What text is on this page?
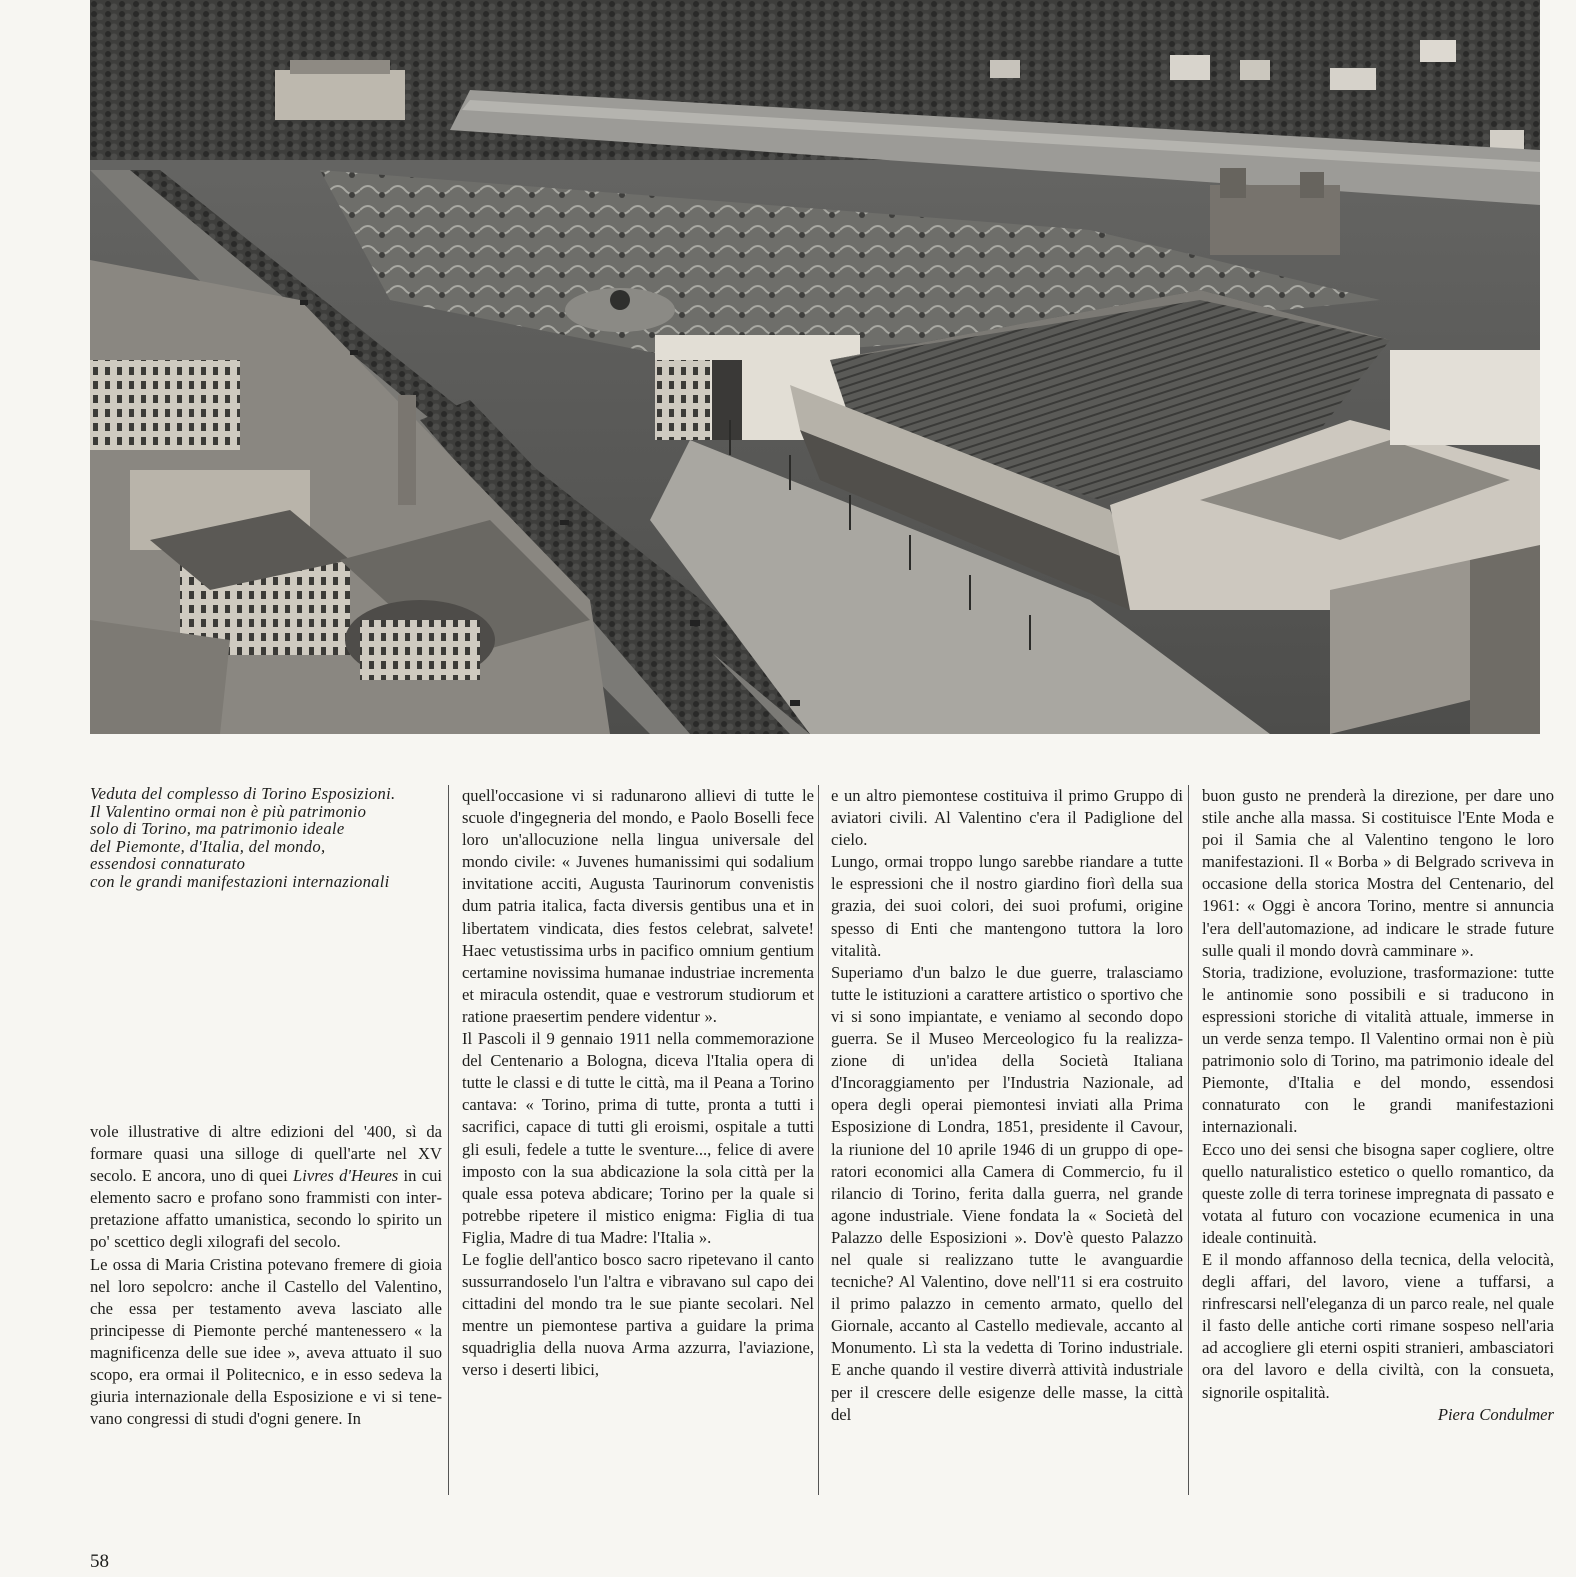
Veduta del complesso di Torino Esposizioni.
Il Valentino ormai non è più patrimonio
solo di Torino, ma patrimonio ideale
del Piemonte, d'Italia, del mondo,
essendosi connaturato
con le grandi manifestazioni internazionali

vole illustrative di altre edizioni del '400, sì da formare quasi una silloge di quell'arte nel XV secolo. E ancora, uno di quei Livres d'Heures in cui elemento sacro e profano sono frammisti con interpretazione affatto umanistica, secondo lo spirito un po' scettico degli xilografi del secolo.

Le ossa di Maria Cristina potevano fremere di gioia nel loro sepolcro: anche il Castello del Valentino, che essa per testamento aveva lasciato alle principesse di Piemonte perché mantenessero « la magnificenza delle sue idee », aveva attuato il suo scopo, era ormai il Politecnico, e in esso sedeva la giuria internazionale della Esposizione e vi si tenevano congressi di studi d'ogni genere. In

quell'occasione vi si radunarono allievi di tutte le scuole d'ingegneria del mondo, e Paolo Boselli fece loro un'allocuzione nella lingua universale del mondo civile: « Juvenes humanissimi qui sodalium invitatione acciti, Augusta Taurinorum convenistis dum patria italica, facta diversis gentibus una et in libertatem vindicata, dies festos celebrat, salvete! Haec vetustissima urbs in pacifico omnium gentium certamine novissima humanae industriae incrementa et miracula ostendit, quae e vestrorum studiorum et ratione praesertim pendere videntur ».

Il Pascoli il 9 gennaio 1911 nella commemorazione del Centenario a Bologna, diceva l'Italia opera di tutte le classi e di tutte le città, ma il Peana a Torino cantava: « Torino, prima di tutte, pronta a tutti i sacrifici, capace di tutti gli eroismi, ospitale a tutti gli esuli, fedele a tutte le sventure..., felice di avere imposto con la sua abdicazione la sola città per la quale essa poteva abdicare; Torino per la quale si potrebbe ripetere il mistico enigma: Figlia di tua Figlia, Madre di tua Madre: l'Italia ».

Le foglie dell'antico bosco sacro ripetevano il canto sussurrandoselo l'un l'altra e vibravano sul capo dei cittadini del mondo tra le sue piante secolari. Nel mentre un piemontese partiva a guidare la prima squadriglia della nuova Arma azzurra, l'aviazione, verso i deserti libici,

e un altro piemontese costituiva il primo Gruppo di aviatori civili. Al Valentino c'era il Padiglione del cielo.

Lungo, ormai troppo lungo sarebbe riandare a tutte le espressioni che il nostro giardino fiorì della sua grazia, dei suoi colori, dei suoi profumi, origine spesso di Enti che mantengono tuttora la loro vitalità.

Superiamo d'un balzo le due guerre, tralasciamo tutte le istituzioni a carattere artistico o sportivo che vi si sono impiantate, e veniamo al secondo dopo guerra. Se il Museo Merceologico fu la realizzazione di un'idea della Società Italiana d'Incoraggiamento per l'Industria Nazionale, ad opera degli operai piemontesi inviati alla Prima Esposizione di Londra, 1851, presidente il Cavour, la riunione del 10 aprile 1946 di un gruppo di operatori economici alla Camera di Commercio, fu il rilancio di Torino, ferita dalla guerra, nel grande agone industriale. Viene fondata la « Società del Palazzo delle Esposizioni ». Dov'è questo Palazzo nel quale si realizzano tutte le avanguardie tecniche? Al Valentino, dove nell'11 si era costruito il primo palazzo in cemento armato, quello del Giornale, accanto al Castello medievale, accanto al Monumento. Lì sta la vedetta di Torino industriale. E anche quando il vestire diverrà attività industriale per il crescere delle esigenze delle masse, la città del

buon gusto ne prenderà la direzione, per dare uno stile anche alla massa. Si costituisce l'Ente Moda e poi il Samia che al Valentino tengono le loro manifestazioni. Il « Borba » di Belgrado scriveva in occasione della storica Mostra del Centenario, del 1961: « Oggi è ancora Torino, mentre si annuncia l'era dell'automazione, ad indicare le strade future sulle quali il mondo dovrà camminare ».

Storia, tradizione, evoluzione, trasformazione: tutte le antinomie sono possibili e si traducono in espressioni storiche di vitalità attuale, immerse in un verde senza tempo. Il Valentino ormai non è più patrimonio solo di Torino, ma patrimonio ideale del Piemonte, d'Italia e del mondo, essendosi connaturato con le grandi manifestazioni internazionali.

Ecco uno dei sensi che bisogna saper cogliere, oltre quello naturalistico estetico o quello romantico, da queste zolle di terra torinese impregnata di passato e votata al futuro con vocazione ecumenica in una ideale continuità.

E il mondo affannoso della tecnica, della velocità, degli affari, del lavoro, viene a tuffarsi, a rinfrescarsi nell'eleganza di un parco reale, nel quale il fasto delle antiche corti rimane sospeso nell'aria ad accogliere gli eterni ospiti stranieri, ambasciatori ora del lavoro e della civiltà, con la consueta, signorile ospitalità.

Piera Condulmer

58
